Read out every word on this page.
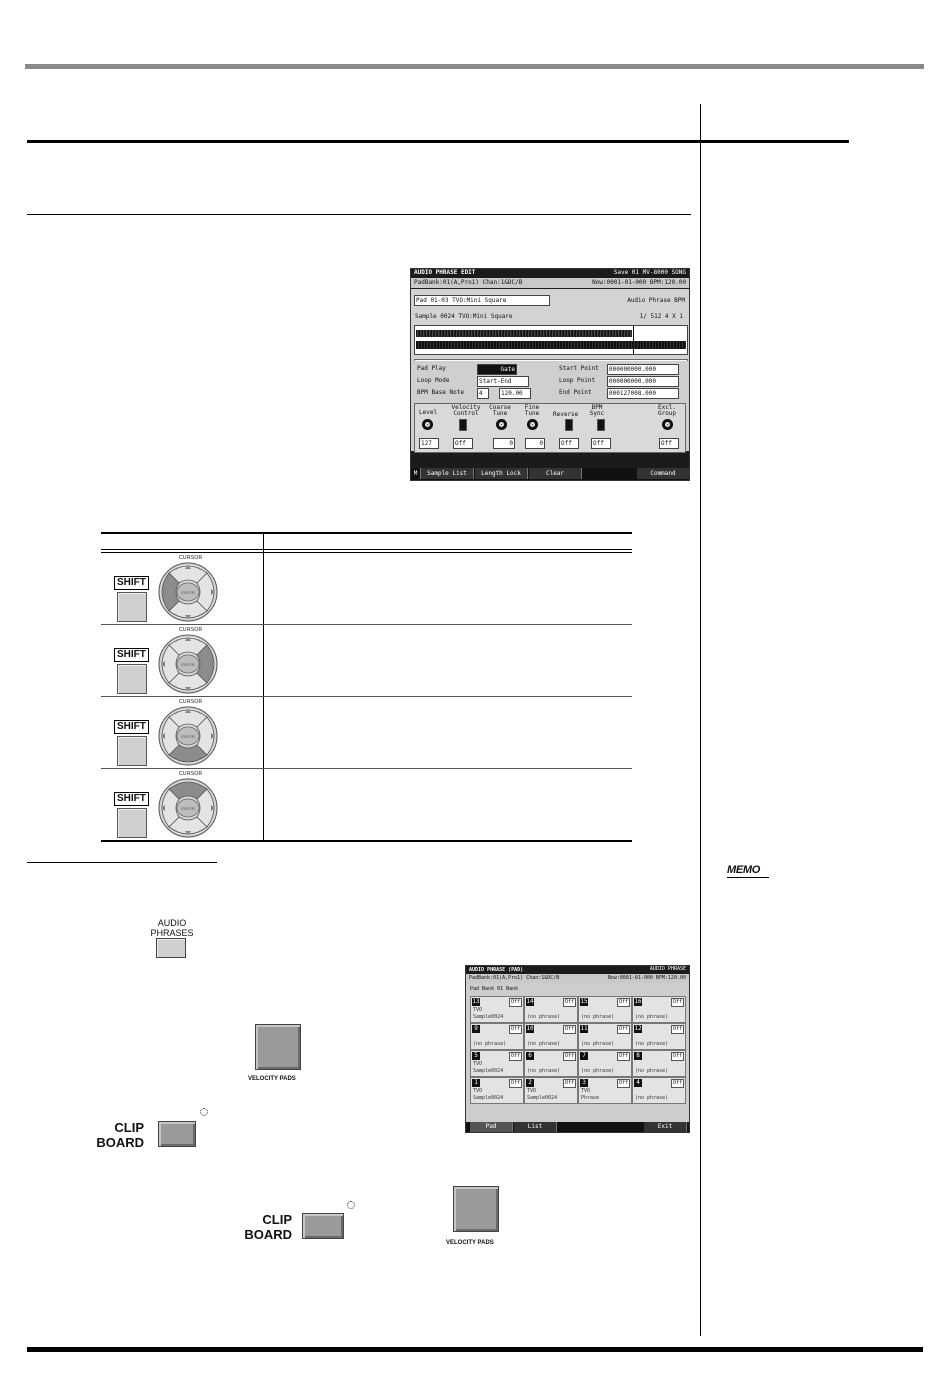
AUDIO PHRASE EDIT	Save 01 MV-8000 SONG
PadBank:01(A,Pro1) Chan:1&DC/B	Now:0001-01-000 BPM:120.00
Pad 01-03 TVO:Mini Square	Audio Phrase BPM
Sample 0024 TVO:Mini Square	1/ 512 4 X 1
Pad Play	Gate
Loop Mode	Start-End
BPM Base Note	4	120.00
Start Point	000000000.000
Loop Point	000000000.000
End Point	000127008.000
Level
127
Velocity Control
Off
Coarse Tune
0
Fine Tune
0
Reverse
Off
BPM Sync
Off
Excl. Group
Off
M	Sample List	Length Lock	Clear	Command
CURSOR
SHIFT
ENTER
CURSOR
SHIFT
ENTER
CURSOR
SHIFT
ENTER
CURSOR
SHIFT
ENTER
AUDIO
PHRASES
VELOCITY PADS
CLIP
BOARD
AUDIO PHRASE (PAD)	AUDIO PHRASE
PadBank:01(A,Pro1) Chan:1&DC/B	Now:0001-01-000 BPM:120.00
Pad Bank 01 Bank
13	Off
TVO
Sample0024
14	Off
(no phrase)
15	Off
(no phrase)
16	Off
(no phrase)
9	Off
(no phrase)
10	Off
(no phrase)
11	Off
(no phrase)
12	Off
(no phrase)
5	Off
TVO
Sample0024
6	Off
(no phrase)
7	Off
(no phrase)
8	Off
(no phrase)
1	Off
TVO
Sample0024
2	Off
TVO
Sample0024
3	Off
TVO
Phrase
4	Off
(no phrase)
Pad	List	Exit
CLIP
BOARD
VELOCITY PADS
MEMO
